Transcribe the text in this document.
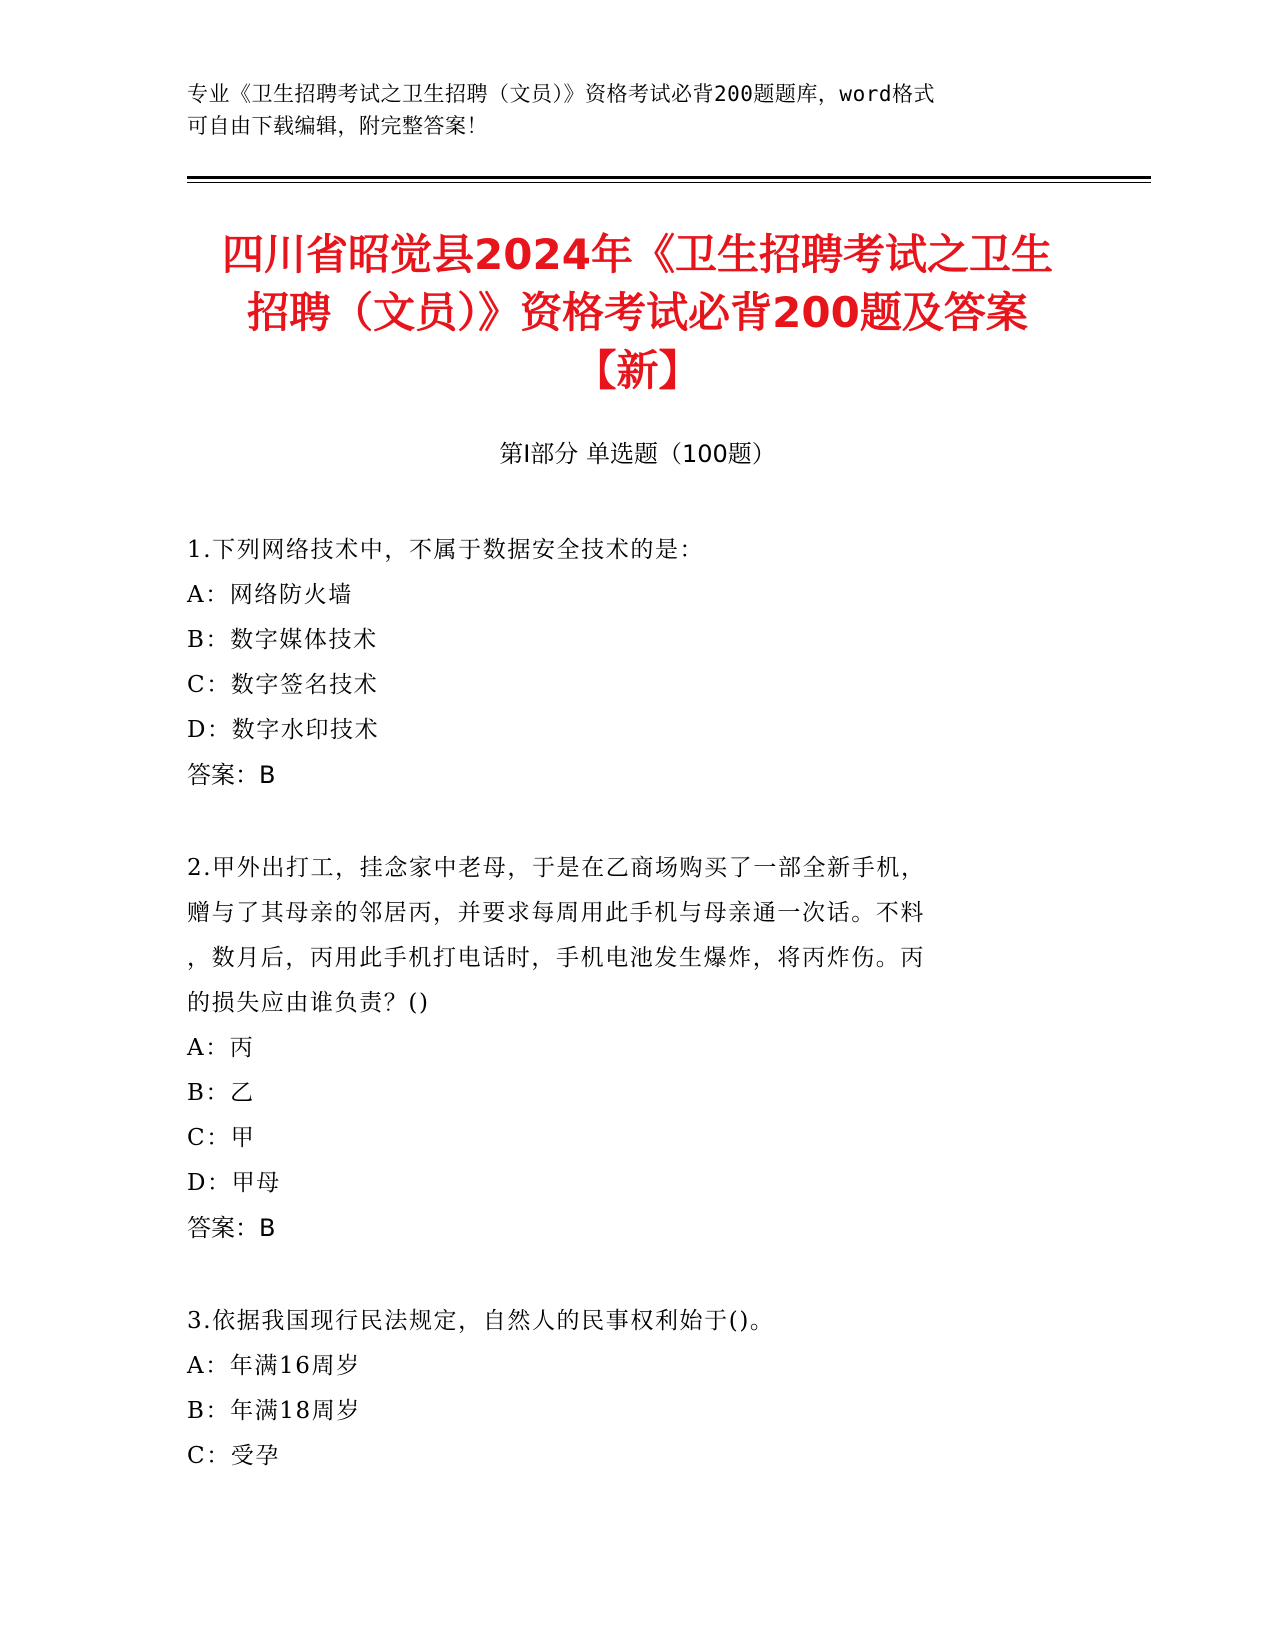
专业《卫生招聘考试之卫生招聘（文员）》资格考试必背200题题库，word格式
可自由下载编辑，附完整答案！
四川省昭觉县2024年《卫生招聘考试之卫生
招聘（文员）》资格考试必背200题及答案
【新】
第Ⅰ部分 单选题（100题）
1.下列网络技术中，不属于数据安全技术的是：
A：网络防火墙
B：数字媒体技术
C：数字签名技术
D：数字水印技术
答案：B
2.甲外出打工，挂念家中老母，于是在乙商场购买了一部全新手机，
赠与了其母亲的邻居丙，并要求每周用此手机与母亲通一次话。不料
，数月后，丙用此手机打电话时，手机电池发生爆炸，将丙炸伤。丙
的损失应由谁负责？()
A：丙
B：乙
C：甲
D：甲母
答案：B
3.依据我国现行民法规定，自然人的民事权利始于()。
A：年满16周岁
B：年满18周岁
C：受孕
